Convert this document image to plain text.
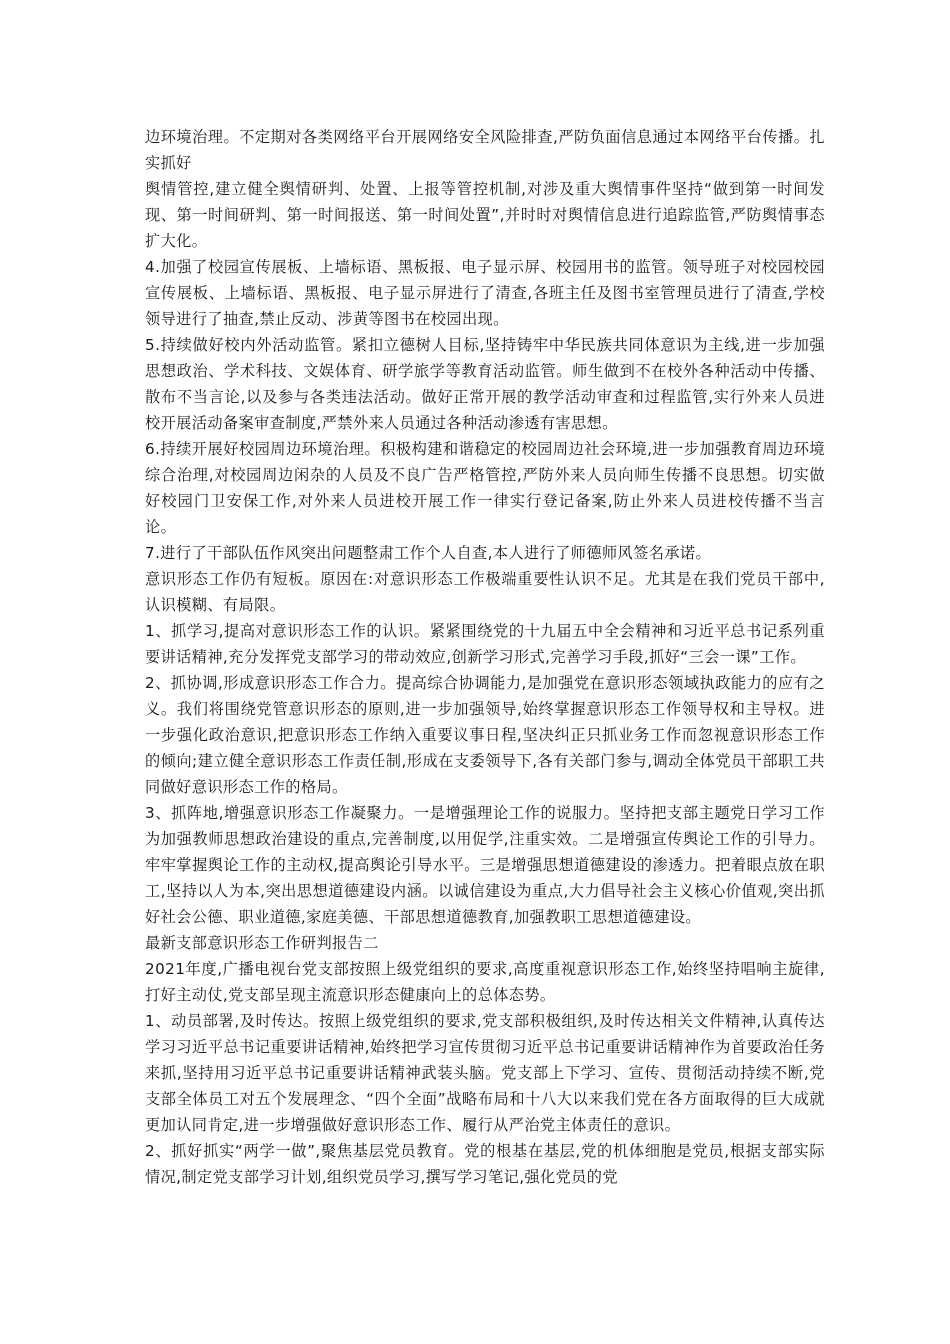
边环境治理。不定期对各类网络平台开展网络安全风险排查,严防负面信息通过本网络平台传播。扎实抓好

舆情管控,建立健全舆情研判、处置、上报等管控机制,对涉及重大舆情事件坚持“做到第一时间发现、第一时间研判、第一时间报送、第一时间处置”,并时时对舆情信息进行追踪监管,严防舆情事态扩大化。

4.加强了校园宣传展板、上墙标语、黑板报、电子显示屏、校园用书的监管。领导班子对校园校园宣传展板、上墙标语、黑板报、电子显示屏进行了清查,各班主任及图书室管理员进行了清查,学校领导进行了抽查,禁止反动、涉黄等图书在校园出现。

5.持续做好校内外活动监管。紧扣立德树人目标,坚持铸牢中华民族共同体意识为主线,进一步加强思想政治、学术科技、文娱体育、研学旅学等教育活动监管。师生做到不在校外各种活动中传播、散布不当言论,以及参与各类违法活动。做好正常开展的教学活动审查和过程监管,实行外来人员进校开展活动备案审查制度,严禁外来人员通过各种活动渗透有害思想。

6.持续开展好校园周边环境治理。积极构建和谐稳定的校园周边社会环境,进一步加强教育周边环境综合治理,对校园周边闲杂的人员及不良广告严格管控,严防外来人员向师生传播不良思想。切实做好校园门卫安保工作,对外来人员进校开展工作一律实行登记备案,防止外来人员进校传播不当言论。

7.进行了干部队伍作风突出问题整肃工作个人自查,本人进行了师德师风签名承诺。

意识形态工作仍有短板。原因在:对意识形态工作极端重要性认识不足。尤其是在我们党员干部中,认识模糊、有局限。

1、抓学习,提高对意识形态工作的认识。紧紧围绕党的十九届五中全会精神和习近平总书记系列重要讲话精神,充分发挥党支部学习的带动效应,创新学习形式,完善学习手段,抓好“三会一课”工作。

2、抓协调,形成意识形态工作合力。提高综合协调能力,是加强党在意识形态领域执政能力的应有之义。我们将围绕党管意识形态的原则,进一步加强领导,始终掌握意识形态工作领导权和主导权。进一步强化政治意识,把意识形态工作纳入重要议事日程,坚决纠正只抓业务工作而忽视意识形态工作的倾向;建立健全意识形态工作责任制,形成在支委领导下,各有关部门参与,调动全体党员干部职工共同做好意识形态工作的格局。

3、抓阵地,增强意识形态工作凝聚力。一是增强理论工作的说服力。坚持把支部主题党日学习工作为加强教师思想政治建设的重点,完善制度,以用促学,注重实效。二是增强宣传舆论工作的引导力。牢牢掌握舆论工作的主动权,提高舆论引导水平。三是增强思想道德建设的渗透力。把着眼点放在职工,坚持以人为本,突出思想道德建设内涵。以诚信建设为重点,大力倡导社会主义核心价值观,突出抓好社会公德、职业道德,家庭美德、干部思想道德教育,加强教职工思想道德建设。

最新支部意识形态工作研判报告二

2021年度,广播电视台党支部按照上级党组织的要求,高度重视意识形态工作,始终坚持唱响主旋律,打好主动仗,党支部呈现主流意识形态健康向上的总体态势。

1、动员部署,及时传达。按照上级党组织的要求,党支部积极组织,及时传达相关文件精神,认真传达学习习近平总书记重要讲话精神,始终把学习宣传贯彻习近平总书记重要讲话精神作为首要政治任务来抓,坚持用习近平总书记重要讲话精神武装头脑。党支部上下学习、宣传、贯彻活动持续不断,党支部全体员工对五个发展理念、“四个全面”战略布局和十八大以来我们党在各方面取得的巨大成就更加认同肯定,进一步增强做好意识形态工作、履行从严治党主体责任的意识。

2、抓好抓实“两学一做”,聚焦基层党员教育。党的根基在基层,党的机体细胞是党员,根据支部实际情况,制定党支部学习计划,组织党员学习,撰写学习笔记,强化党员的党
